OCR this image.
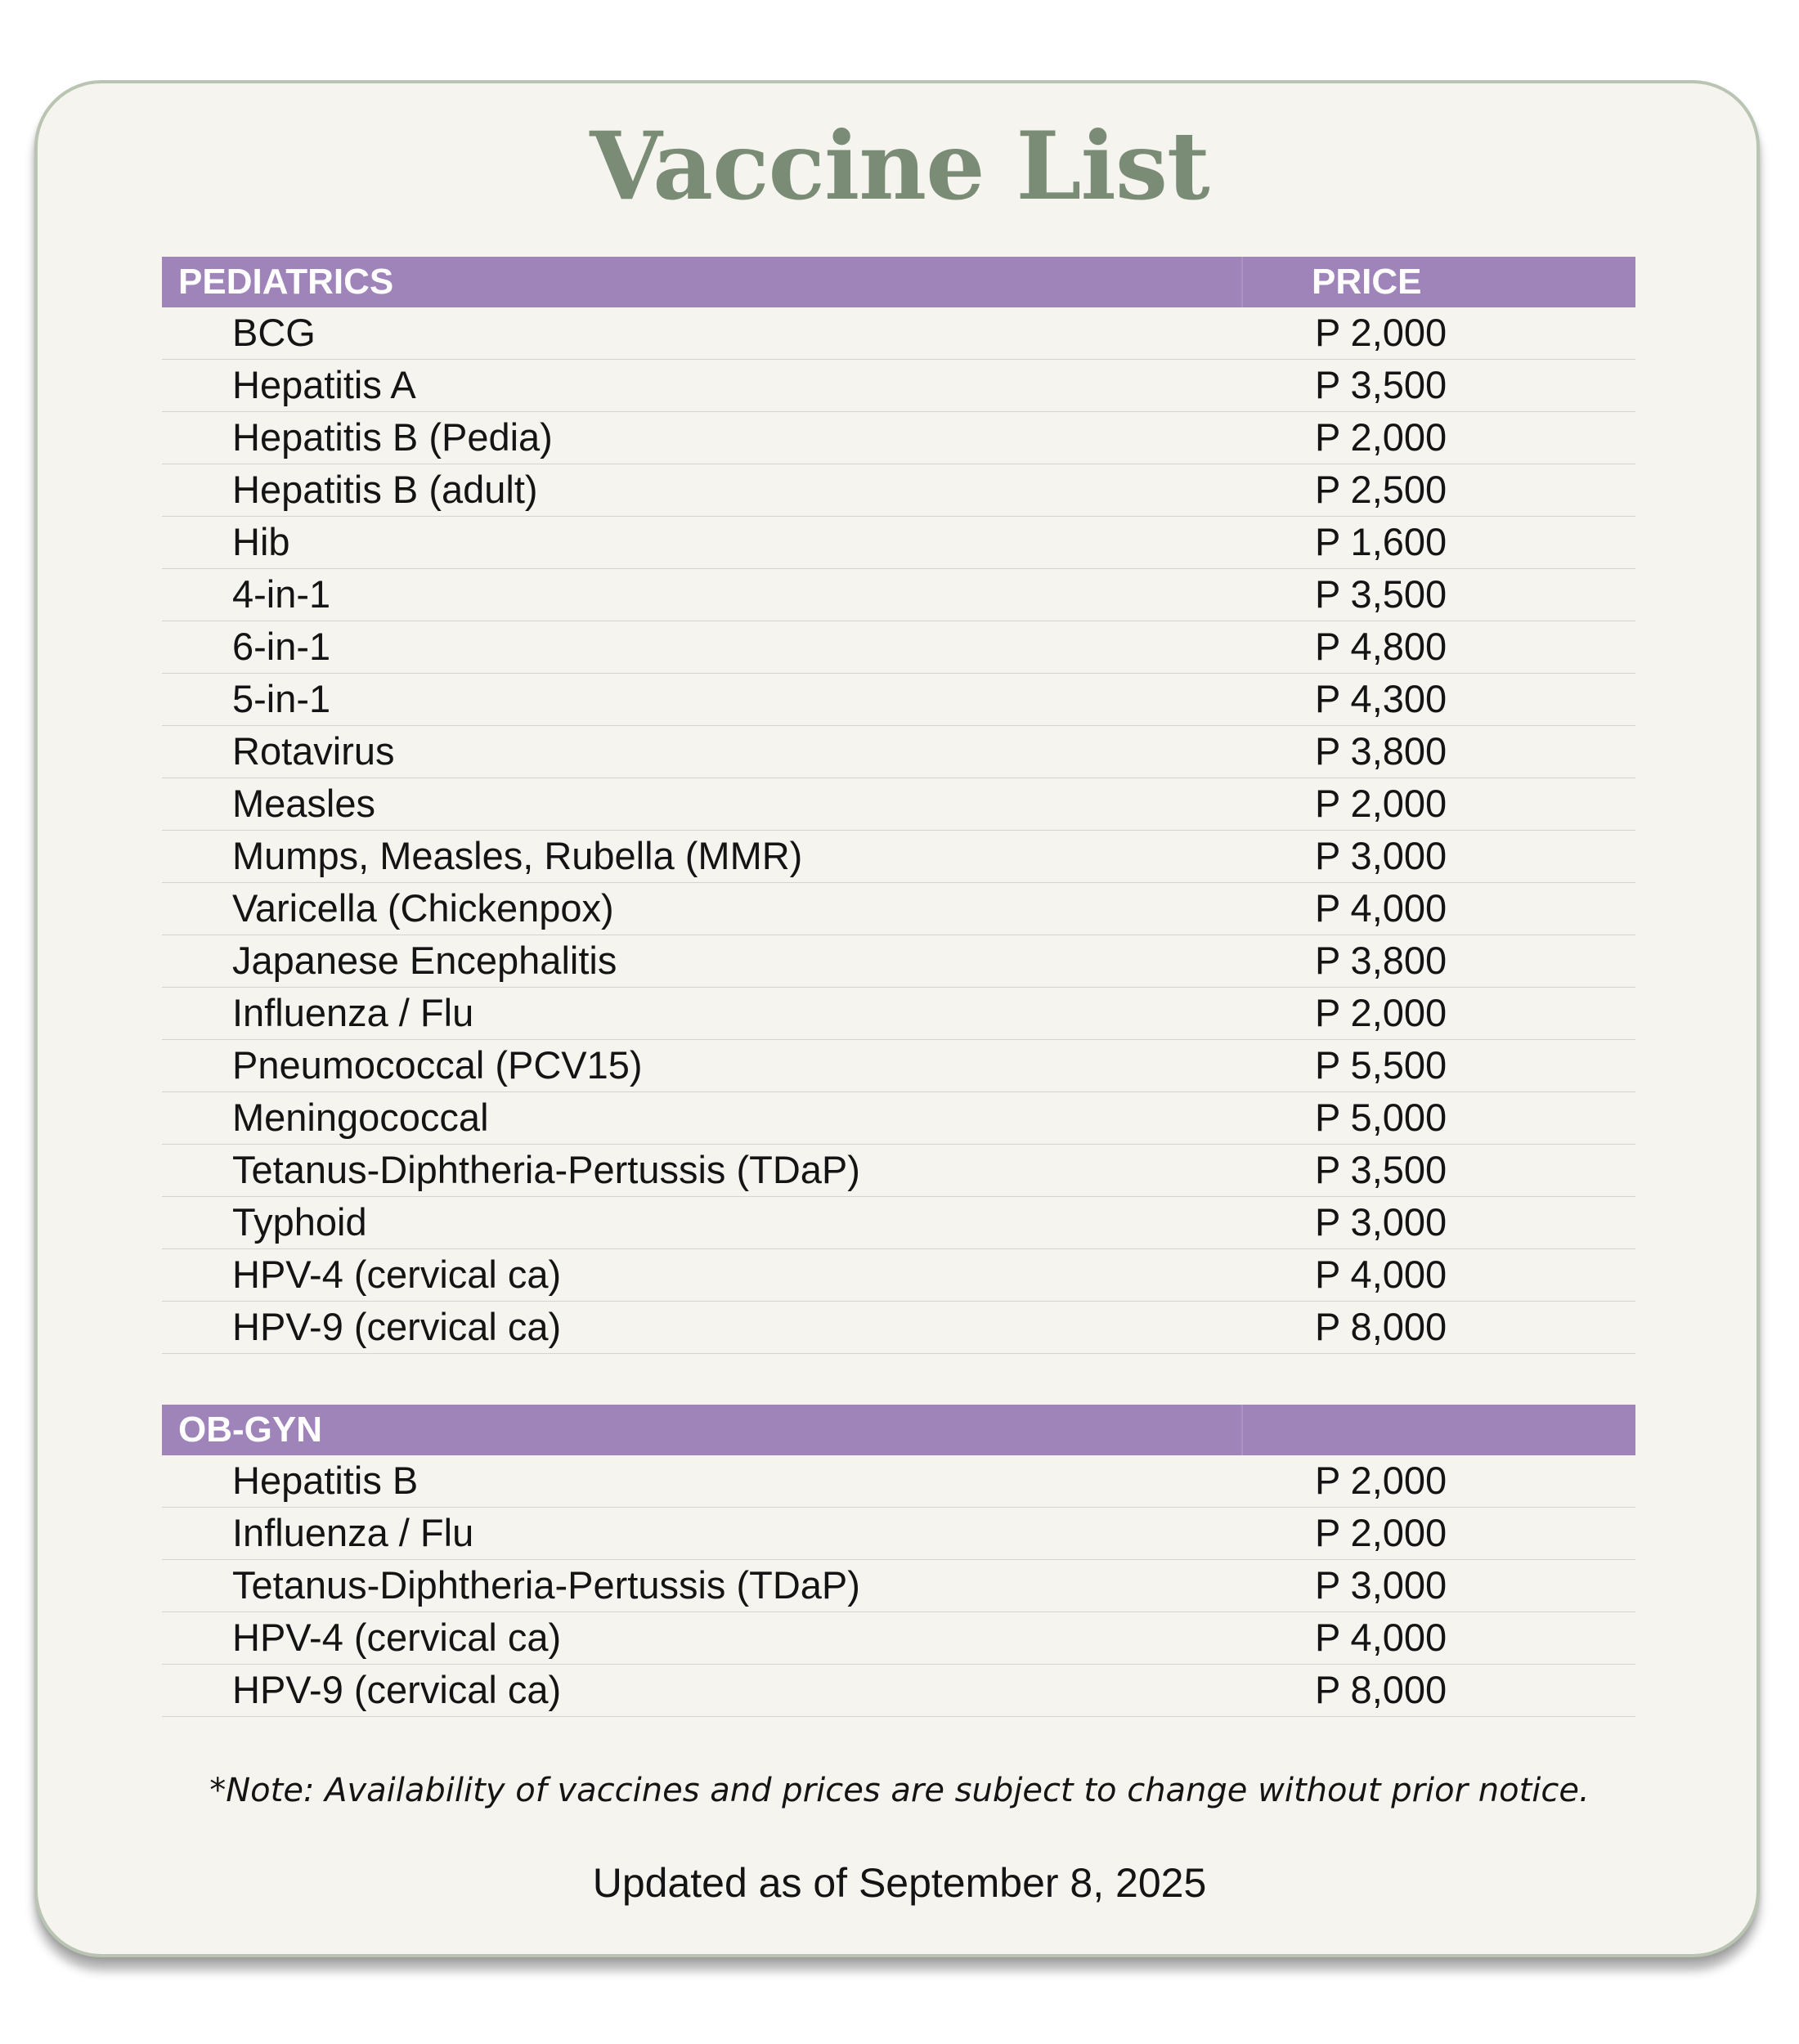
Vaccine List
PEDIATRICS	PRICE
BCG	P 2,000
Hepatitis A	P 3,500
Hepatitis B (Pedia)	P 2,000
Hepatitis B (adult)	P 2,500
Hib	P 1,600
4-in-1	P 3,500
6-in-1	P 4,800
5-in-1	P 4,300
Rotavirus	P 3,800
Measles	P 2,000
Mumps, Measles, Rubella (MMR)	P 3,000
Varicella (Chickenpox)	P 4,000
Japanese Encephalitis	P 3,800
Influenza / Flu	P 2,000
Pneumococcal (PCV15)	P 5,500
Meningococcal	P 5,000
Tetanus-Diphtheria-Pertussis (TDaP)	P 3,500
Typhoid	P 3,000
HPV-4 (cervical ca)	P 4,000
HPV-9 (cervical ca)	P 8,000
OB-GYN
Hepatitis B	P 2,000
Influenza / Flu	P 2,000
Tetanus-Diphtheria-Pertussis (TDaP)	P 3,000
HPV-4 (cervical ca)	P 4,000
HPV-9 (cervical ca)	P 8,000
*Note: Availability of vaccines and prices are subject to change without prior notice.
Updated as of September 8, 2025
